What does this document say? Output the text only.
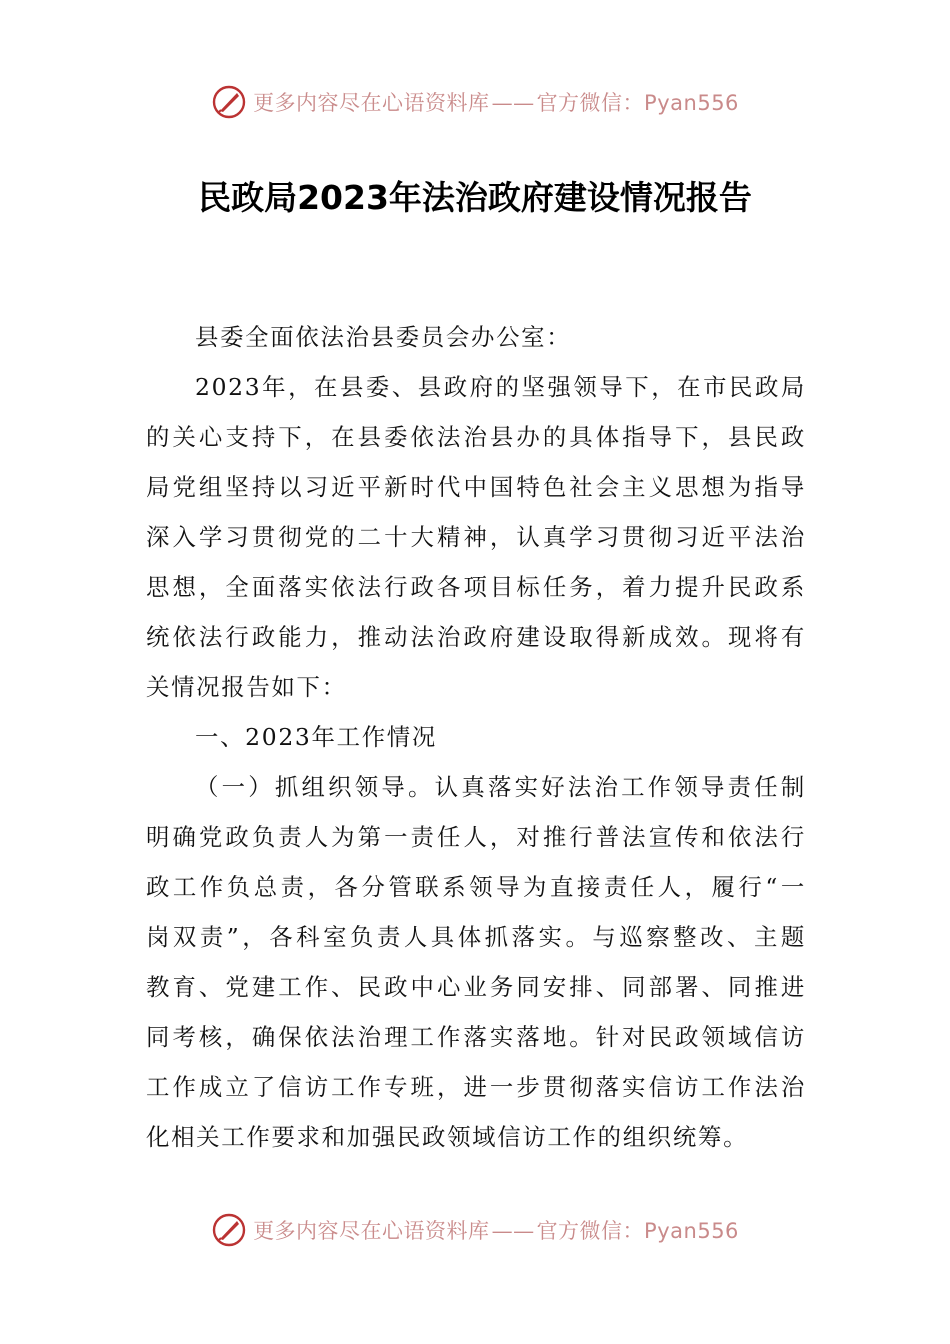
更多内容尽在心语资料库——官方微信：Pyan556
民政局2023年法治政府建设情况报告
县委全面依法治县委员会办公室：
2023年，在县委、县政府的坚强领导下，在市民政局
的关心支持下，在县委依法治县办的具体指导下，县民政
局党组坚持以习近平新时代中国特色社会主义思想为指导
深入学习贯彻党的二十大精神，认真学习贯彻习近平法治
思想，全面落实依法行政各项目标任务，着力提升民政系
统依法行政能力，推动法治政府建设取得新成效。现将有
关情况报告如下：
一、2023年工作情况
（一）抓组织领导。认真落实好法治工作领导责任制
明确党政负责人为第一责任人，对推行普法宣传和依法行
政工作负总责，各分管联系领导为直接责任人，履行“一
岗双责”，各科室负责人具体抓落实。与巡察整改、主题
教育、党建工作、民政中心业务同安排、同部署、同推进
同考核，确保依法治理工作落实落地。针对民政领域信访
工作成立了信访工作专班，进一步贯彻落实信访工作法治
化相关工作要求和加强民政领域信访工作的组织统筹。
更多内容尽在心语资料库——官方微信：Pyan556
